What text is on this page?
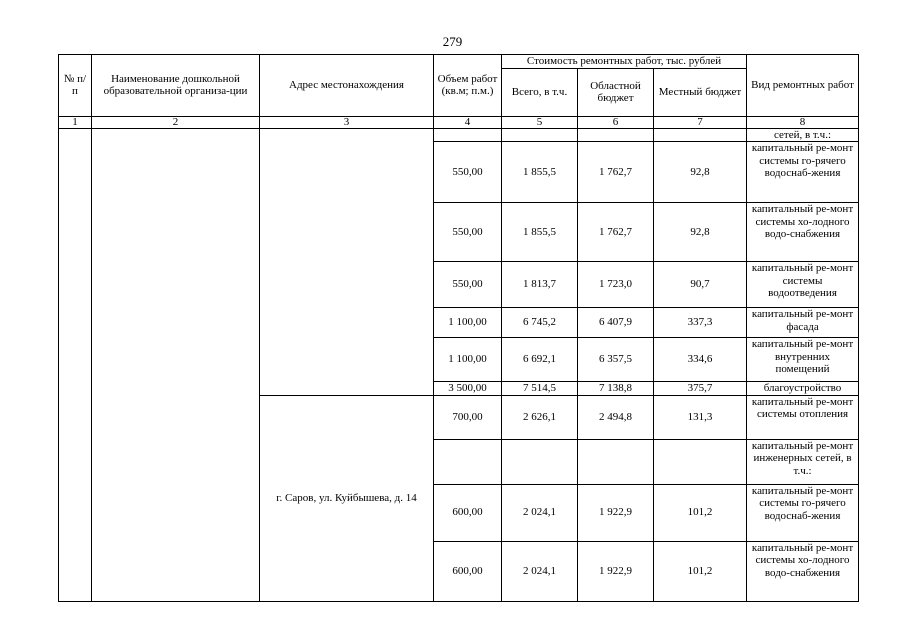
279
№ п/п	Наименование дошкольной образовательной организа-ции	Адрес местонахождения	Объем работ (кв.м; п.м.)	Стоимость ремонтных работ, тыс. рублей			Вид ремонтных работ
				Всего, в т.ч.	Областной бюджет	Местный бюджет	
1	2	3	4	5	6	7	8
							сетей, в т.ч.:
			550,00	1 855,5	1 762,7	92,8	капитальный ре-монт системы го-рячего водоснаб-жения
			550,00	1 855,5	1 762,7	92,8	капитальный ре-монт системы хо-лодного водо-снабжения
			550,00	1 813,7	1 723,0	90,7	капитальный ре-монт системы водоотведения
			1 100,00	6 745,2	6 407,9	337,3	капитальный ре-монт фасада
			1 100,00	6 692,1	6 357,5	334,6	капитальный ре-монт внутренних помещений
			3 500,00	7 514,5	7 138,8	375,7	благоустройство
		г. Саров, ул. Куйбышева, д. 14	700,00	2 626,1	2 494,8	131,3	капитальный ре-монт системы отопления
							капитальный ре-монт инженерных сетей, в т.ч.:
			600,00	2 024,1	1 922,9	101,2	капитальный ре-монт системы го-рячего водоснаб-жения
			600,00	2 024,1	1 922,9	101,2	капитальный ре-монт системы хо-лодного водо-снабжения
